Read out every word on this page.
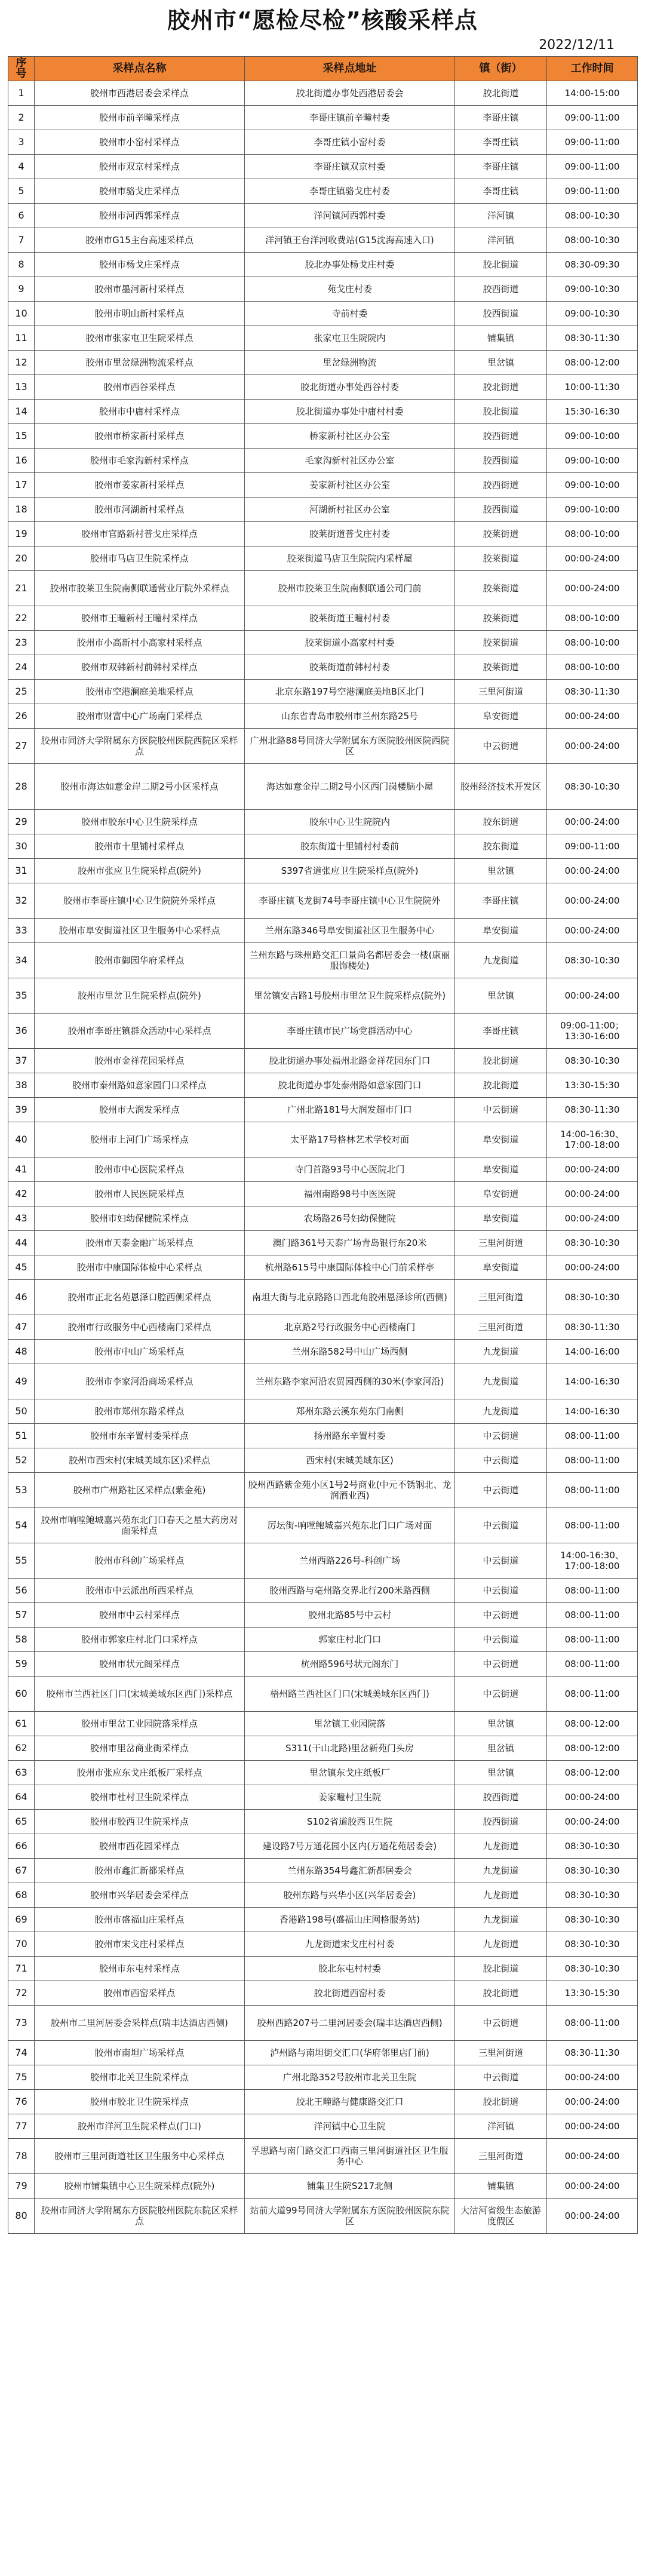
胶州市“愿检尽检”核酸采样点
2022/12/11
序号	采样点名称	采样点地址	镇（街）	工作时间
1	胶州市西港居委会采样点	胶北街道办事处西港居委会	胶北街道	14:00-15:00
2	胶州市前辛疃采样点	李哥庄镇前辛疃村委	李哥庄镇	09:00-11:00
3	胶州市小窑村采样点	李哥庄镇小窑村委	李哥庄镇	09:00-11:00
4	胶州市双京村采样点	李哥庄镇双京村委	李哥庄镇	09:00-11:00
5	胶州市骆戈庄采样点	李哥庄镇骆戈庄村委	李哥庄镇	09:00-11:00
6	胶州市河西郭采样点	洋河镇河西郭村委	洋河镇	08:00-10:30
7	胶州市G15主台高速采样点	洋河镇王台洋河收费站(G15沈海高速入口)	洋河镇	08:00-10:30
8	胶州市杨戈庄采样点	胶北办事处杨戈庄村委	胶北街道	08:30-09:30
9	胶州市墨河新村采样点	苑戈庄村委	胶西街道	09:00-10:30
10	胶州市明山新村采样点	寺前村委	胶西街道	09:00-10:30
11	胶州市张家屯卫生院采样点	张家屯卫生院院内	铺集镇	08:30-11:30
12	胶州市里岔绿洲物流采样点	里岔绿洲物流	里岔镇	08:00-12:00
13	胶州市西谷采样点	胶北街道办事处西谷村委	胶北街道	10:00-11:30
14	胶州市中庸村采样点	胶北街道办事处中庸村村委	胶北街道	15:30-16:30
15	胶州市桥家新村采样点	桥家新村社区办公室	胶西街道	09:00-10:00
16	胶州市毛家沟新村采样点	毛家沟新村社区办公室	胶西街道	09:00-10:00
17	胶州市姜家新村采样点	姜家新村社区办公室	胶西街道	09:00-10:00
18	胶州市河湖新村采样点	河湖新村社区办公室	胶西街道	09:00-10:00
19	胶州市官路新村普戈庄采样点	胶莱街道普戈庄村委	胶莱街道	08:00-10:00
20	胶州市马店卫生院采样点	胶莱街道马店卫生院院内采样屋	胶莱街道	00:00-24:00
21	胶州市胶莱卫生院南侧联通营业厅院外采样点	胶州市胶莱卫生院南侧联通公司门前	胶莱街道	00:00-24:00
22	胶州市王疃新村王疃村采样点	胶莱街道王疃村村委	胶莱街道	08:00-10:00
23	胶州市小高新村小高家村采样点	胶莱街道小高家村村委	胶莱街道	08:00-10:00
24	胶州市双韩新村前韩村采样点	胶莱街道前韩村村委	胶莱街道	08:00-10:00
25	胶州市空港澜庭美地采样点	北京东路197号空港澜庭美地B区北门	三里河街道	08:30-11:30
26	胶州市财富中心广场南门采样点	山东省青岛市胶州市兰州东路25号	阜安街道	00:00-24:00
27	胶州市同济大学附属东方医院胶州医院西院区采样点	广州北路88号同济大学附属东方医院胶州医院西院区	中云街道	00:00-24:00
28	胶州市海达如意金岸二期2号小区采样点	海达如意金岸二期2号小区西门岗楼脑小屋	胶州经济技术开发区	08:30-10:30
29	胶州市胶东中心卫生院采样点	胶东中心卫生院院内	胶东街道	00:00-24:00
30	胶州市十里铺村采样点	胶东街道十里铺村村委前	胶东街道	09:00-11:00
31	胶州市张应卫生院采样点(院外)	S397省道张应卫生院采样点(院外)	里岔镇	00:00-24:00
32	胶州市李哥庄镇中心卫生院院外采样点	李哥庄镇飞龙街74号李哥庄镇中心卫生院院外	李哥庄镇	00:00-24:00
33	胶州市阜安街道社区卫生服务中心采样点	兰州东路346号阜安街道社区卫生服务中心	阜安街道	00:00-24:00
34	胶州市御园华府采样点	兰州东路与珠州路交汇口景尚名都居委会一楼(康丽服饰楼处)	九龙街道	08:30-10:30
35	胶州市里岔卫生院采样点(院外)	里岔镇安吉路1号胶州市里岔卫生院采样点(院外)	里岔镇	00:00-24:00
36	胶州市李哥庄镇群众活动中心采样点	李哥庄镇市民广场党群活动中心	李哥庄镇	09:00-11:00；13:30-16:00
37	胶州市金祥花园采样点	胶北街道办事处福州北路金祥花园东门口	胶北街道	08:30-10:30
38	胶州市泰州路如意家园门口采样点	胶北街道办事处泰州路如意家园门口	胶北街道	13:30-15:30
39	胶州市大润发采样点	广州北路181号大润发超市门口	中云街道	08:30-11:30
40	胶州市上河门广场采样点	太平路17号格林艺术学校对面	阜安街道	14:00-16:30、17:00-18:00
41	胶州市中心医院采样点	寺门首路93号中心医院北门	阜安街道	00:00-24:00
42	胶州市人民医院采样点	福州南路98号中医医院	阜安街道	00:00-24:00
43	胶州市妇幼保健院采样点	农场路26号妇幼保健院	阜安街道	00:00-24:00
44	胶州市天泰金融广场采样点	澳门路361号天泰广场青岛银行东20米	三里河街道	08:30-10:30
45	胶州市中康国际体检中心采样点	杭州路615号中康国际体检中心门前采样亭	阜安街道	00:00-24:00
46	胶州市正北名苑恩泽口腔西侧采样点	南坦大街与北京路路口西北角胶州恩泽诊所(西侧)	三里河街道	08:30-10:30
47	胶州市行政服务中心西楼南门采样点	北京路2号行政服务中心西楼南门	三里河街道	08:30-11:30
48	胶州市中山广场采样点	兰州东路582号中山广场西侧	九龙街道	14:00-16:00
49	胶州市李家河沿商场采样点	兰州东路李家河沿农贸园西侧的30米(李家河沿)	九龙街道	14:00-16:30
50	胶州市郑州东路采样点	郑州东路云溪东苑东门南侧	九龙街道	14:00-16:30
51	胶州市东辛置村委采样点	扬州路东辛置村委	中云街道	08:00-11:00
52	胶州市西宋村(宋城美域东区)采样点	西宋村(宋城美域东区)	中云街道	08:00-11:00
53	胶州市广州路社区采样点(紫金苑)	胶州西路紫金苑小区1号2号商业(中元不锈钢北、龙润酒业西)	中云街道	08:00-11:00
54	胶州市响嘡鲍城嘉兴苑东北门口春天之星大药房对面采样点	厉坛街-响嘡鲍城嘉兴苑东北门口广场对面	中云街道	08:00-11:00
55	胶州市科创广场采样点	兰州西路226号-科创广场	中云街道	14:00-16:30、17:00-18:00
56	胶州市中云派出所西采样点	胶州西路与亳州路交界北行200米路西侧	中云街道	08:00-11:00
57	胶州市中云村采样点	胶州北路85号中云村	中云街道	08:00-11:00
58	胶州市郭家庄村北门口采样点	郭家庄村北门口	中云街道	08:00-11:00
59	胶州市状元阁采样点	杭州路596号状元阁东门	中云街道	08:00-11:00
60	胶州市兰西社区门口(宋城美域东区西门)采样点	梧州路兰西社区门口(宋城美域东区西门)	中云街道	08:00-11:00
61	胶州市里岔工业园院落采样点	里岔镇工业园院落	里岔镇	08:00-12:00
62	胶州市里岔商业街采样点	S311(干山北路)里岔新苑门头房	里岔镇	08:00-12:00
63	胶州市张应东戈庄纸板厂采样点	里岔镇东戈庄纸板厂	里岔镇	08:00-12:00
64	胶州市杜村卫生院采样点	姜家疃村卫生院	胶西街道	00:00-24:00
65	胶州市胶西卫生院采样点	S102省道胶西卫生院	胶西街道	00:00-24:00
66	胶州市西花园采样点	建设路7号万通花园小区内(万通花苑居委会)	九龙街道	08:30-10:30
67	胶州市鑫汇新都采样点	兰州东路354号鑫汇新都居委会	九龙街道	08:30-10:30
68	胶州市兴华居委会采样点	胶州东路与兴华小区(兴华居委会)	九龙街道	08:30-10:30
69	胶州市盛福山庄采样点	香港路198号(盛福山庄网格服务站)	九龙街道	08:30-10:30
70	胶州市宋戈庄村采样点	九龙街道宋戈庄村村委	九龙街道	08:30-10:30
71	胶州市东屯村采样点	胶北东屯村村委	胶北街道	08:30-10:30
72	胶州市西窑采样点	胶北街道西窑村委	胶北街道	13:30-15:30
73	胶州市二里河居委会采样点(瑞丰达酒店西侧)	胶州西路207号二里河居委会(瑞丰达酒店西侧)	中云街道	08:00-11:00
74	胶州市南坦广场采样点	泸州路与南坦街交汇口(华府邻里店门前)	三里河街道	08:30-11:30
75	胶州市北关卫生院采样点	广州北路352号胶州市北关卫生院	中云街道	00:00-24:00
76	胶州市胶北卫生院采样点	胶北王疃路与健康路交汇口	胶北街道	00:00-24:00
77	胶州市洋河卫生院采样点(门口)	洋河镇中心卫生院	洋河镇	00:00-24:00
78	胶州市三里河街道社区卫生服务中心采样点	孚思路与南门路交汇口西南三里河街道社区卫生服务中心	三里河街道	00:00-24:00
79	胶州市铺集镇中心卫生院采样点(院外)	铺集卫生院S217北侧	铺集镇	00:00-24:00
80	胶州市同济大学附属东方医院胶州医院东院区采样点	站前大道99号同济大学附属东方医院胶州医院东院区	大沽河省级生态旅游度假区	00:00-24:00
